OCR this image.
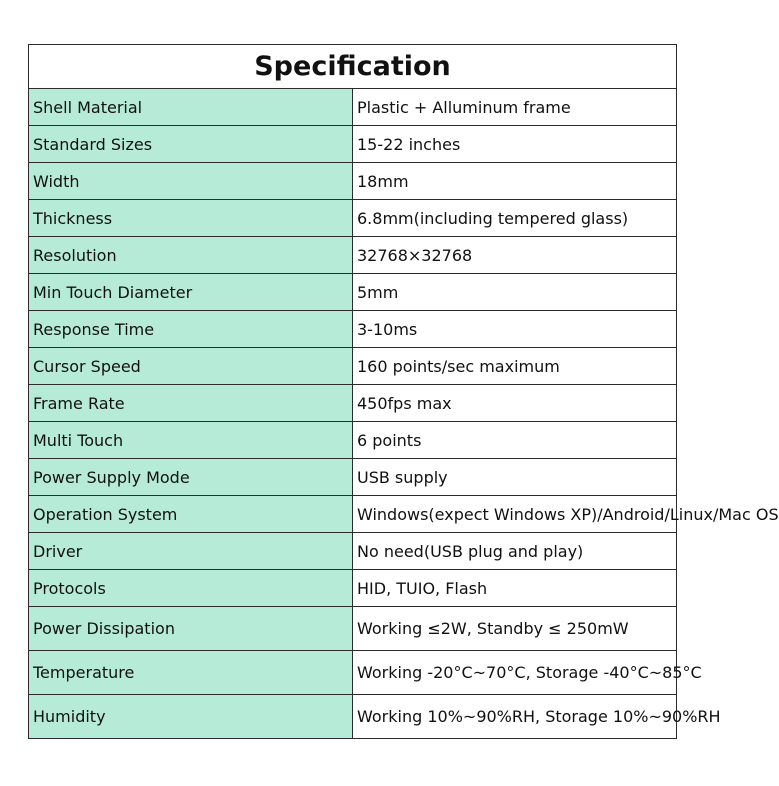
Specification	
Shell Material	Plastic + Alluminum frame
Standard Sizes	15-22 inches
Width	18mm
Thickness	6.8mm(including tempered glass)
Resolution	32768×32768
Min Touch Diameter	5mm
Response Time	3-10ms
Cursor Speed	160 points/sec maximum
Frame Rate	450fps max
Multi Touch	6 points
Power Supply Mode	USB supply
Operation System	Windows(expect Windows XP)/Android/Linux/Mac OS
Driver	No need(USB plug and play)
Protocols	HID, TUIO, Flash
Power Dissipation	Working ≤2W, Standby ≤ 250mW
Temperature	Working -20°C~70°C, Storage -40°C~85°C
Humidity	Working 10%~90%RH, Storage 10%~90%RH
